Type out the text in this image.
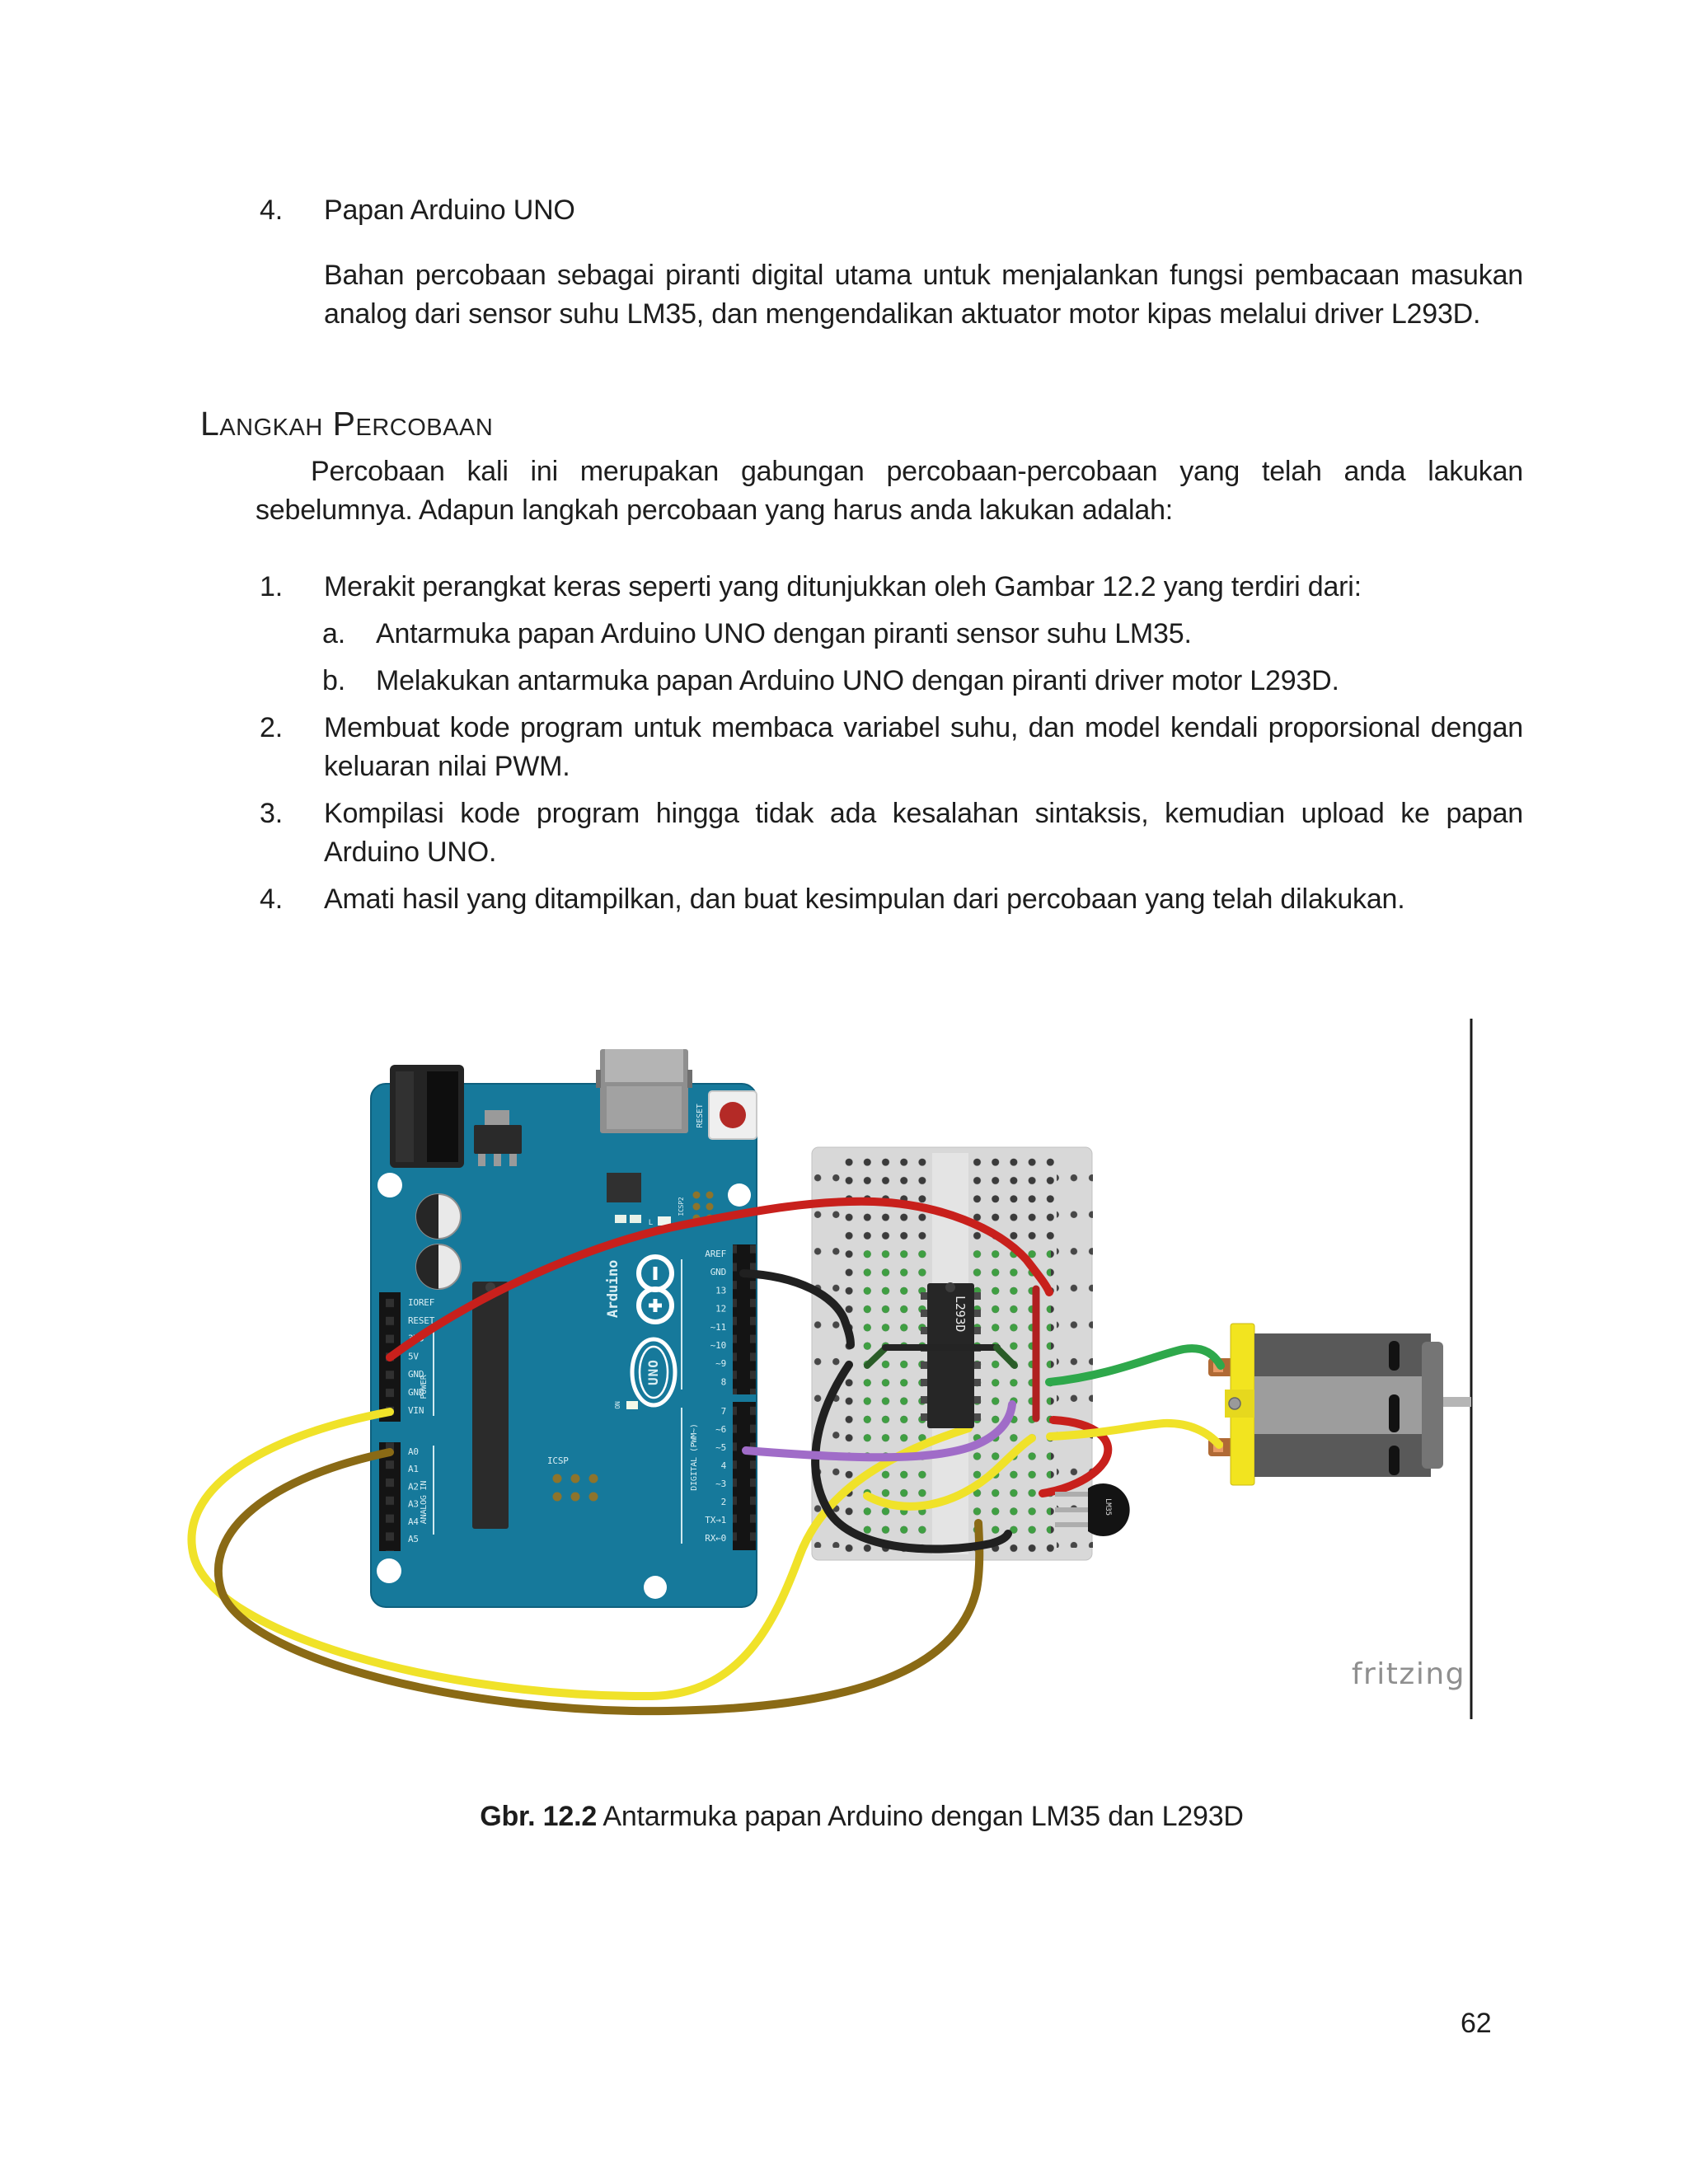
4.	Papan Arduino UNO

Bahan percobaan sebagai piranti digital utama untuk menjalankan fungsi pembacaan masukan analog dari sensor suhu LM35, dan mengendalikan aktuator motor kipas melalui driver L293D.

Langkah Percobaan

Percobaan kali ini merupakan gabungan percobaan-percobaan yang telah anda lakukan sebelumnya. Adapun langkah percobaan yang harus anda lakukan adalah:

1.	Merakit perangkat keras seperti yang ditunjukkan oleh Gambar 12.2 yang terdiri dari:
a.	Antarmuka papan Arduino UNO dengan piranti sensor suhu LM35.
b.	Melakukan antarmuka papan Arduino UNO dengan piranti driver motor L293D.
2.	Membuat kode program untuk membaca variabel suhu, dan model kendali proporsional dengan keluaran nilai PWM.
3.	Kompilasi kode program hingga tidak ada kesalahan sintaksis, kemudian upload ke papan Arduino UNO.
4.	Amati hasil yang ditampilkan, dan buat kesimpulan dari percobaan yang telah dilakukan.
RESET
ICSP2
ICSP
L
ON
Arduino
UNO
IOREF
RESET
3V3
5V
GND
GND
VIN
A0
A1
A2
A3
A4
A5
AREF
GND
13
12
~11
~10
~9
8
7
~6
~5
4
~3
2
TX→1
RX←0
POWER
ANALOG IN
DIGITAL (PWM~)
L293D
LM35
fritzing
Gbr. 12.2 Antarmuka papan Arduino dengan LM35 dan L293D
62
